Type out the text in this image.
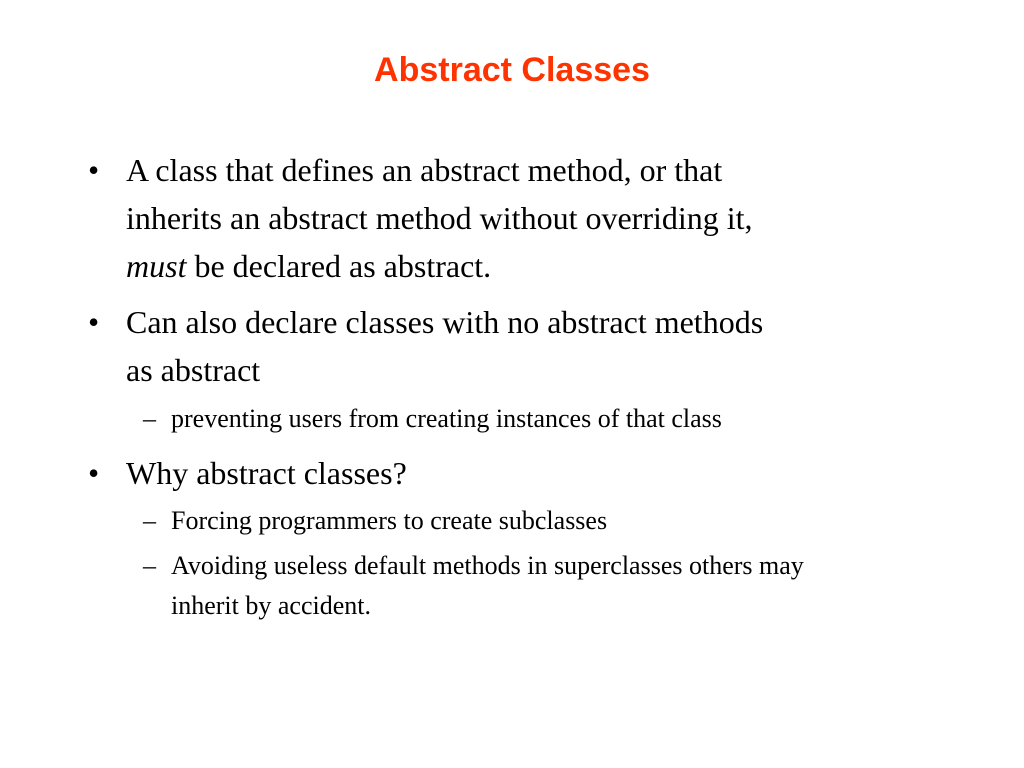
Abstract Classes
• A class that defines an abstract method, or that
inherits an abstract method without overriding it,
must be declared as abstract.
• Can also declare classes with no abstract methods
as abstract
– preventing users from creating instances of that class
• Why abstract classes?
– Forcing programmers to create subclasses
– Avoiding useless default methods in superclasses others may
inherit by accident.
